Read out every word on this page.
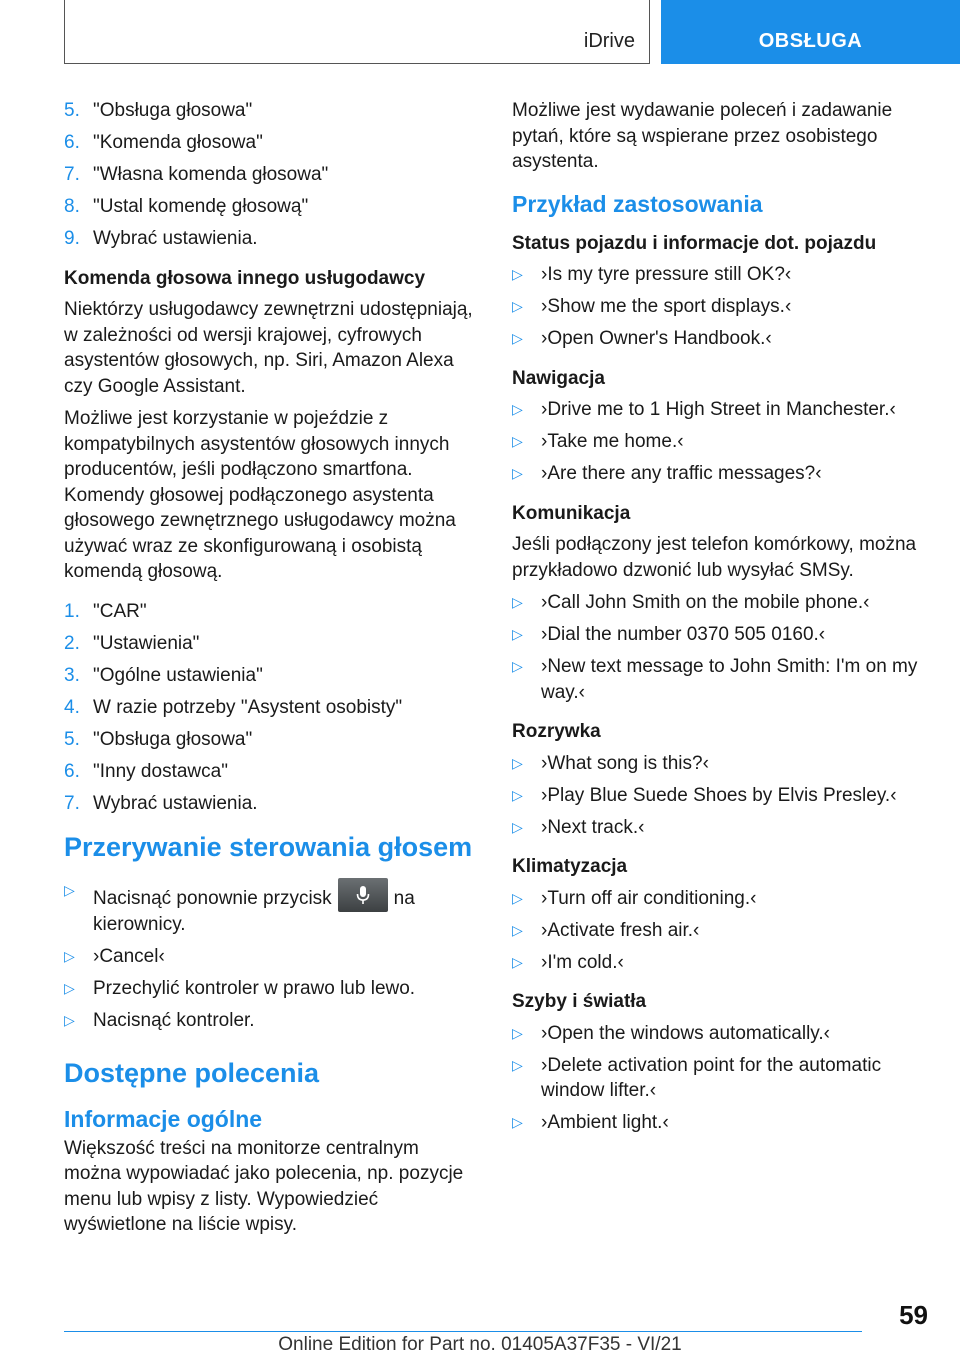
iDrive	OBSŁUGA
5. "Obsługa głosowa"
6. "Komenda głosowa"
7. "Własna komenda głosowa"
8. "Ustal komendę głosową"
9. Wybrać ustawienia.
Komenda głosowa innego usługodawcy

Niektórzy usługodawcy zewnętrzni udostępniają, w zależności od wersji krajowej, cyfrowych asystentów głosowych, np. Siri, Amazon Alexa czy Google Assistant.

Możliwe jest korzystanie w pojeździe z kompatybilnych asystentów głosowych innych producentów, jeśli podłączono smartfona. Komendy głosowej podłączonego asystenta głosowego zewnętrznego usługodawcy można używać wraz ze skonfigurowaną i osobistą komendą głosową.

1. "CAR"
2. "Ustawienia"
3. "Ogólne ustawienia"
4. W razie potrzeby "Asystent osobisty"
5. "Obsługa głosowa"
6. "Inny dostawca"
7. Wybrać ustawienia.
Przerywanie sterowania głosem
▷ Nacisnąć ponownie przycisk	na kierownicy.
▷ ›Cancel‹
▷ Przechylić kontroler w prawo lub lewo.
▷ Nacisnąć kontroler.
Dostępne polecenia
Informacje ogólne

Większość treści na monitorze centralnym można wypowiadać jako polecenia, np. pozycje menu lub wpisy z listy. Wypowiedzieć wyświetlone na liście wpisy.

Możliwe jest wydawanie poleceń i zadawanie pytań, które są wspierane przez osobistego asystenta.

Przykład zastosowania
Status pojazdu i informacje dot. pojazdu
▷ ›Is my tyre pressure still OK?‹
▷ ›Show me the sport displays.‹
▷ ›Open Owner's Handbook.‹
Nawigacja
▷ ›Drive me to 1 High Street in Manchester.‹
▷ ›Take me home.‹
▷ ›Are there any traffic messages?‹
Komunikacja

Jeśli podłączony jest telefon komórkowy, można przykładowo dzwonić lub wysyłać SMSy.

▷ ›Call John Smith on the mobile phone.‹
▷ ›Dial the number 0370 505 0160.‹
▷ ›New text message to John Smith: I'm on my way.‹
Rozrywka
▷ ›What song is this?‹
▷ ›Play Blue Suede Shoes by Elvis Presley.‹
▷ ›Next track.‹
Klimatyzacja
▷ ›Turn off air conditioning.‹
▷ ›Activate fresh air.‹
▷ ›I'm cold.‹
Szyby i światła
▷ ›Open the windows automatically.‹
▷ ›Delete activation point for the automatic window lifter.‹
▷ ›Ambient light.‹
59
Online Edition for Part no. 01405A37F35 - VI/21
